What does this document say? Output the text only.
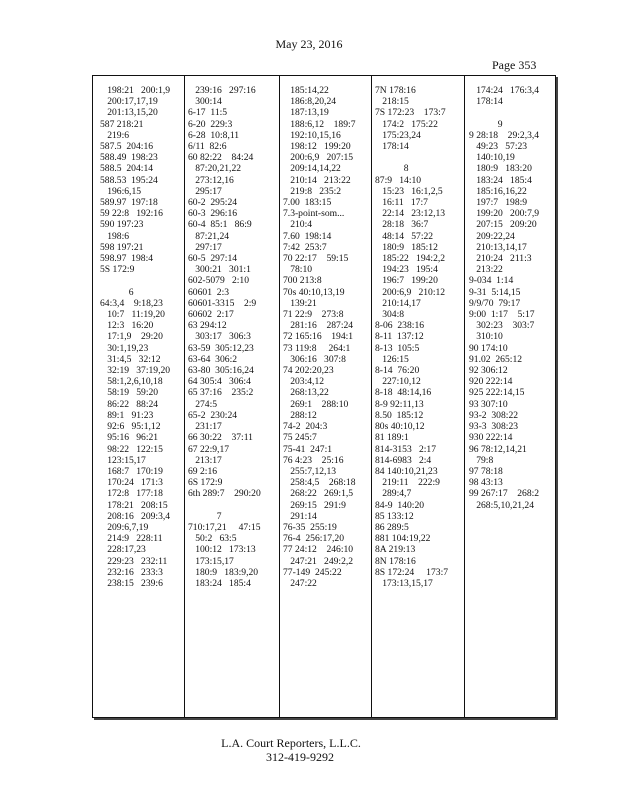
May 23, 2016
Page 353
198:21   200:1,9
200:17,17,19
201:13,15,20
587 218:21
219:6
587.5  204:16
588.49  198:23
588.5  204:14
588.53  195:24
196:6,15
589.97  197:18
59 22:8   192:16
590 197:23
198:6
598 197:21
598.97  198:4
5S 172:9
6
64:3,4    9:18,23
10:7   11:19,20
12:3   16:20
17:1,9    29:20
30:1,19,23
31:4,5   32:12
32:19   37:19,20
58:1,2,6,10,18
58:19   59:20
86:22   88:24
89:1   91:23
92:6   95:1,12
95:16   96:21
98:22   122:15
123:15,17
168:7   170:19
170:24   171:3
172:8   177:18
178:21   208:15
208:16   209:3,4
209:6,7,19
214:9   228:11
228:17,23
229:23   232:11
232:16   233:3
238:15   239:6
239:16   297:16
300:14
6-17  11:5
6-20  229:3
6-28  10:8,11
6/11  82:6
60 82:22    84:24
87:20,21,22
273:12,16
295:17
60-2  295:24
60-3  296:16
60-4  85:1   86:9
87:21,24
297:17
60-5  297:14
300:21   301:1
602-5079   2:10
60601  2:3
60601-3315    2:9
60602  2:17
63 294:12
303:17   306:3
63-59  305:12,23
63-64  306:2
63-80  305:16,24
64 305:4   306:4
65 37:16    235:2
274:5
65-2  230:24
231:17
66 30:22    37:11
67 22:9,17
213:17
69 2:16
6S 172:9
6th 289:7    290:20
7
710:17,21     47:15
50:2   63:5
100:12   173:13
173:15,17
180:9   183:9,20
183:24   185:4
185:14,22
186:8,20,24
187:13,19
188:6,12    189:7
192:10,15,16
198:12   199:20
200:6,9   207:15
209:14,14,22
210:14   213:22
219:8   235:2
7.00  183:15
7.3-point-som...
210:4
7.60  198:14
7:42  253:7
70 22:17    59:15
78:10
700 213:8
70s 40:10,13,19
139:21
71 22:9    273:8
281:16    287:24
72 165:16    194:1
73 119:8     264:1
306:16   307:8
74 202:20,23
203:4,12
268:13,22
269:1    288:10
288:12
74-2  204:3
75 245:7
75-41  247:1
76 4:23    25:16
255:7,12,13
258:4,5    268:18
268:22   269:1,5
269:15   291:9
291:14
76-35  255:19
76-4  256:17,20
77 24:12    246:10
247:21   249:2,2
77-149  245:22
247:22
7N 178:16
218:15
7S 172:23    173:7
174:2   175:22
175:23,24
178:14
8
87:9   14:10
15:23   16:1,2,5
16:11   17:7
22:14   23:12,13
28:18   36:7
48:14   57:22
180:9   185:12
185:22   194:2,2
194:23   195:4
196:7   199:20
200:6,9   210:12
210:14,17
304:8
8-06  238:16
8-11  137:12
8-13  105:5
126:15
8-14  76:20
227:10,12
8-18  48:14,16
8-9 92:11,13
8.50  185:12
80s 40:10,12
81 189:1
814-3153   2:17
814-6983   2:4
84 140:10,21,23
219:11    222:9
289:4,7
84-9  140:20
85 133:12
86 289:5
881 104:19,22
8A 219:13
8N 178:16
8S 172:24     173:7
173:13,15,17
174:24   176:3,4
178:14
9
9 28:18    29:2,3,4
49:23   57:23
140:10,19
180:9   183:20
183:24   185:4
185:16,16,22
197:7   198:9
199:20   200:7,9
207:15   209:20
209:22,24
210:13,14,17
210:24   211:3
213:22
9-034  1:14
9-31  5:14,15
9/9/70  79:17
9:00  1:17    5:17
302:23    303:7
310:10
90 174:10
91.02  265:12
92 306:12
920 222:14
925 222:14,15
93 307:10
93-2  308:22
93-3  308:23
930 222:14
96 78:12,14,21
79:8
97 78:18
98 43:13
99 267:17    268:2
268:5,10,21,24
L.A. Court Reporters, L.L.C.
312-419-9292
